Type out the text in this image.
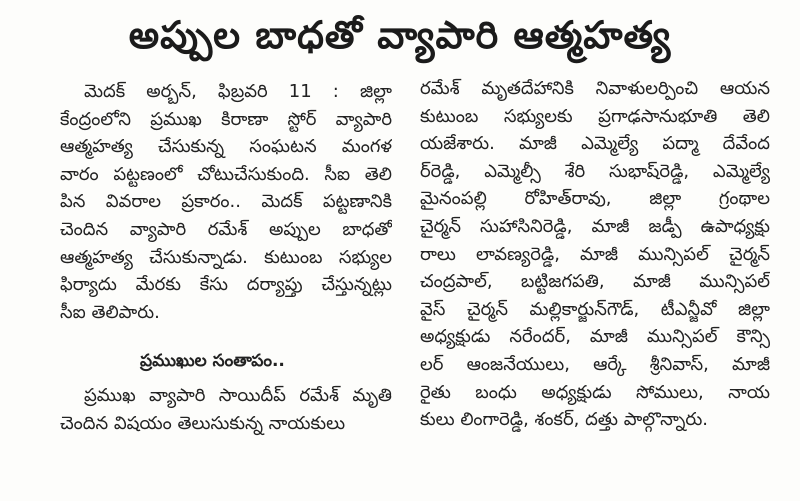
అప్పుల బాధతో వ్యాపారి ఆత్మహత్య
మెదక్ అర్బన్, ఫిబ్రవరి 11 : జిల్లా
కేంద్రంలోని ప్రముఖ కిరాణా స్టోర్ వ్యాపారి
ఆత్మహత్య చేసుకున్న సంఘటన మంగళ
వారం పట్టణంలో చోటుచేసుకుంది. సీఐ తెలి
పిన వివరాల ప్రకారం.. మెదక్ పట్టణానికి
చెందిన వ్యాపారి రమేశ్ అప్పుల బాధతో
ఆత్మహత్య చేసుకున్నాడు. కుటుంబ సభ్యుల
ఫిర్యాదు మేరకు కేసు దర్యాప్తు చేస్తున్నట్లు
సీఐ తెలిపారు.
ప్రముఖుల సంతాపం..
ప్రముఖ వ్యాపారి సాయిదీప్ రమేశ్ మృతి
చెందిన విషయం తెలుసుకున్న నాయకులు
రమేశ్ మృతదేహానికి నివాళులర్పించి ఆయన
కుటుంబ సభ్యులకు ప్రగాఢసానుభూతి తెలి
యజేశారు. మాజీ ఎమ్మెల్యే పద్మా దేవేంద
ర్‌రెడ్డి, ఎమ్మెల్సీ శేరి సుభాష్‌రెడ్డి, ఎమ్మెల్యే
మైనంపల్లి రోహిత్‌రావు, జిల్లా గ్రంథాల
చైర్మన్ సుహాసినిరెడ్డి, మాజీ జడ్పీ ఉపాధ్యక్షు
రాలు లావణ్యరెడ్డి, మాజీ మున్సిపల్ చైర్మన్
చంద్రపాల్, బట్టిజగపతి, మాజీ మున్సిపల్
వైస్ చైర్మన్ మల్లికార్జున్‌గౌడ్, టీఎన్జీవో జిల్లా
అధ్యక్షుడు నరేందర్, మాజీ మున్సిపల్ కౌన్సి
లర్ ఆంజనేయులు, ఆర్కే శ్రీనివాస్, మాజీ
రైతు బంధు అధ్యక్షుడు సోములు, నాయ
కులు లింగారెడ్డి, శంకర్, దత్తు పాల్గొన్నారు.
